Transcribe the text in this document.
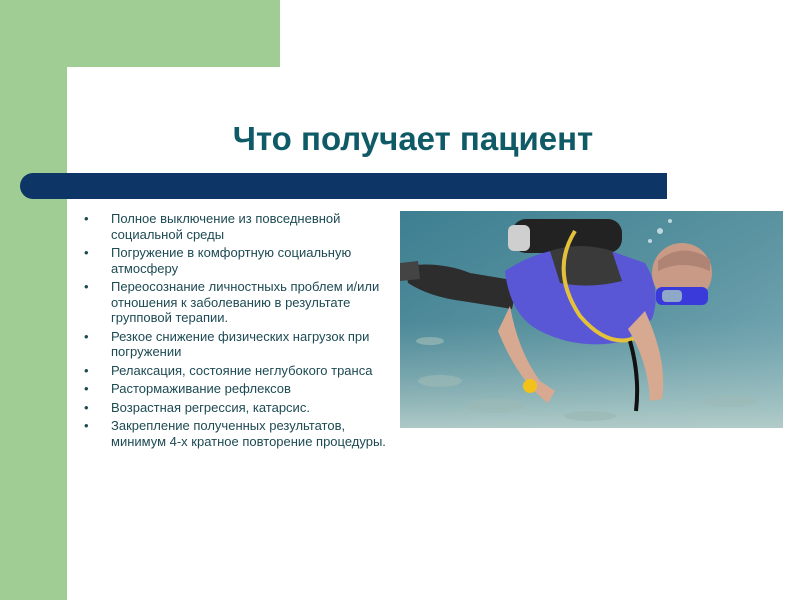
Что получает пациент
• Полное выключение из повседневной социальной среды
• Погружение в комфортную социальную атмосферу
• Переосознание личностныхь проблем и/или отношения к заболеванию в результате групповой терапии.
• Резкое снижение физических нагрузок при погружении
• Релаксация, состояние неглубокого транса
• Растормаживание рефлексов
• Возрастная регрессия, катарсис.
• Закрепление полученных результатов, минимум 4-х кратное повторение процедуры.
